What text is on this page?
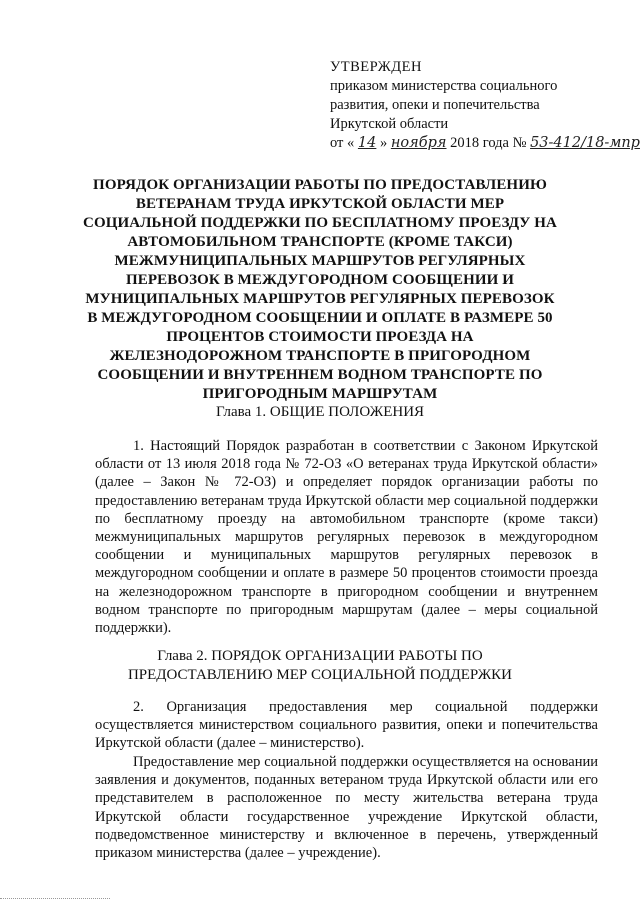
УТВЕРЖДЕН
приказом министерства социального
развития, опеки и попечительства
Иркутской области
от « 14 » ноября 2018 года № 53-412/18-мпр
ПОРЯДОК ОРГАНИЗАЦИИ РАБОТЫ ПО ПРЕДОСТАВЛЕНИЮ ВЕТЕРАНАМ ТРУДА ИРКУТСКОЙ ОБЛАСТИ МЕР СОЦИАЛЬНОЙ ПОДДЕРЖКИ ПО БЕСПЛАТНОМУ ПРОЕЗДУ НА АВТОМОБИЛЬНОМ ТРАНСПОРТЕ (КРОМЕ ТАКСИ) МЕЖМУНИЦИПАЛЬНЫХ МАРШРУТОВ РЕГУЛЯРНЫХ ПЕРЕВОЗОК В МЕЖДУГОРОДНОМ СООБЩЕНИИ И МУНИЦИПАЛЬНЫХ МАРШРУТОВ РЕГУЛЯРНЫХ ПЕРЕВОЗОК В МЕЖДУГОРОДНОМ СООБЩЕНИИ И ОПЛАТЕ В РАЗМЕРЕ 50 ПРОЦЕНТОВ СТОИМОСТИ ПРОЕЗДА НА ЖЕЛЕЗНОДОРОЖНОМ ТРАНСПОРТЕ В ПРИГОРОДНОМ СООБЩЕНИИ И ВНУТРЕННЕМ ВОДНОМ ТРАНСПОРТЕ ПО ПРИГОРОДНЫМ МАРШРУТАМ
Глава 1. ОБЩИЕ ПОЛОЖЕНИЯ
1. Настоящий Порядок разработан в соответствии с Законом Иркутской области от 13 июля 2018 года № 72-ОЗ «О ветеранах труда Иркутской области» (далее – Закон № 72-ОЗ) и определяет порядок организации работы по предоставлению ветеранам труда Иркутской области мер социальной поддержки по бесплатному проезду на автомобильном транспорте (кроме такси) межмуниципальных маршрутов регулярных перевозок в междугородном сообщении и муниципальных маршрутов регулярных перевозок в междугородном сообщении и оплате в размере 50 процентов стоимости проезда на железнодорожном транспорте в пригородном сообщении и внутреннем водном транспорте по пригородным маршрутам (далее – меры социальной поддержки).
Глава 2. ПОРЯДОК ОРГАНИЗАЦИИ РАБОТЫ ПО
ПРЕДОСТАВЛЕНИЮ МЕР СОЦИАЛЬНОЙ ПОДДЕРЖКИ
2. Организация предоставления мер социальной поддержки осуществляется министерством социального развития, опеки и попечительства Иркутской области (далее – министерство).
Предоставление мер социальной поддержки осуществляется на основании заявления и документов, поданных ветераном труда Иркутской области или его представителем в расположенное по месту жительства ветерана труда Иркутской области государственное учреждение Иркутской области, подведомственное министерству и включенное в перечень, утвержденный приказом министерства (далее – учреждение).
